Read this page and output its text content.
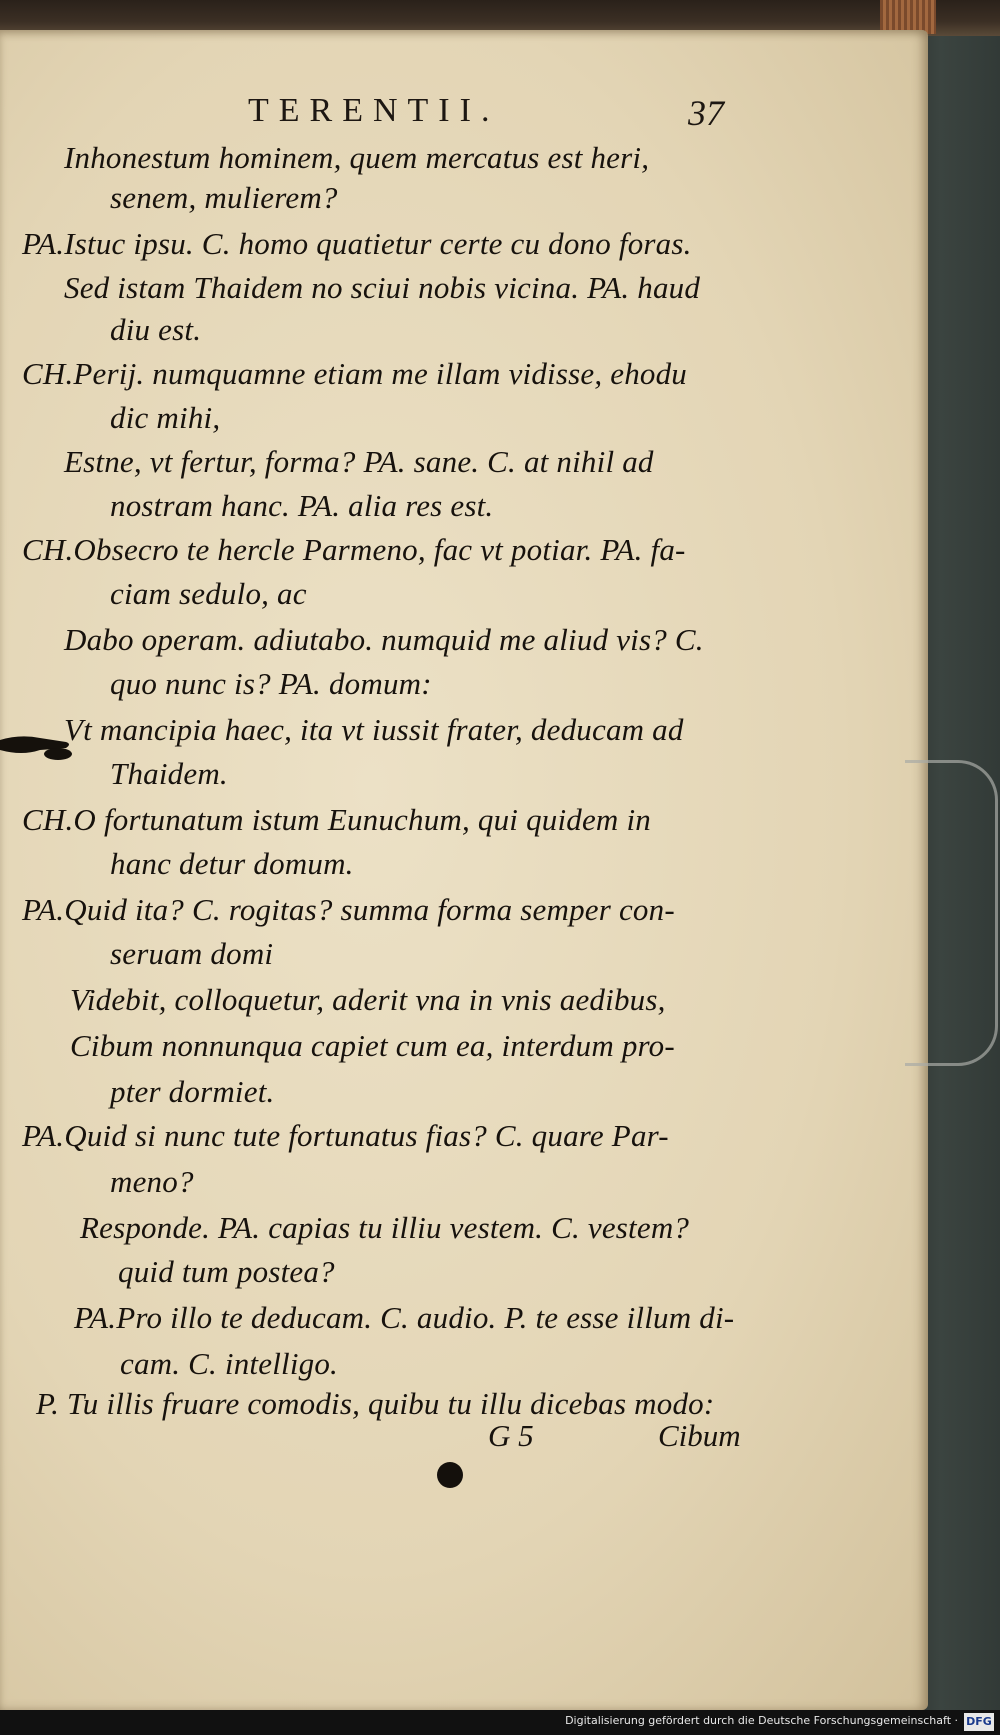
TERENTII.	37
Inhonestum hominem, quem mercatus est heri,
senem, mulierem?
PA.Istuc ipsu. C. homo quatietur certe cu dono foras.
Sed istam Thaidem no sciui nobis vicina. PA. haud
diu est.
CH.Perij. numquamne etiam me illam vidisse, ehodu
dic mihi,
Estne, vt fertur, forma? PA. sane. C. at nihil ad
nostram hanc. PA. alia res est.
CH.Obsecro te hercle Parmeno, fac vt potiar. PA. fa-
ciam sedulo, ac
Dabo operam. adiutabo. numquid me aliud vis? C.
quo nunc is? PA. domum:
Vt mancipia haec, ita vt iussit frater, deducam ad
Thaidem.
CH.O fortunatum istum Eunuchum, qui quidem in
hanc detur domum.
PA.Quid ita? C. rogitas? summa forma semper con-
seruam domi
Videbit, colloquetur, aderit vna in vnis aedibus,
Cibum nonnunqua capiet cum ea, interdum pro-
pter dormiet.
PA.Quid si nunc tute fortunatus fias? C. quare Par-
meno?
Responde. PA. capias tu illiu vestem. C. vestem?
quid tum postea?
PA.Pro illo te deducam. C. audio. P. te esse illum di-
cam. C. intelligo.
P. Tu illis fruare comodis, quibu tu illu dicebas modo:
G 5	Cibum
Digitalisierung gefördert durch die Deutsche Forschungsgemeinschaft · DFG
